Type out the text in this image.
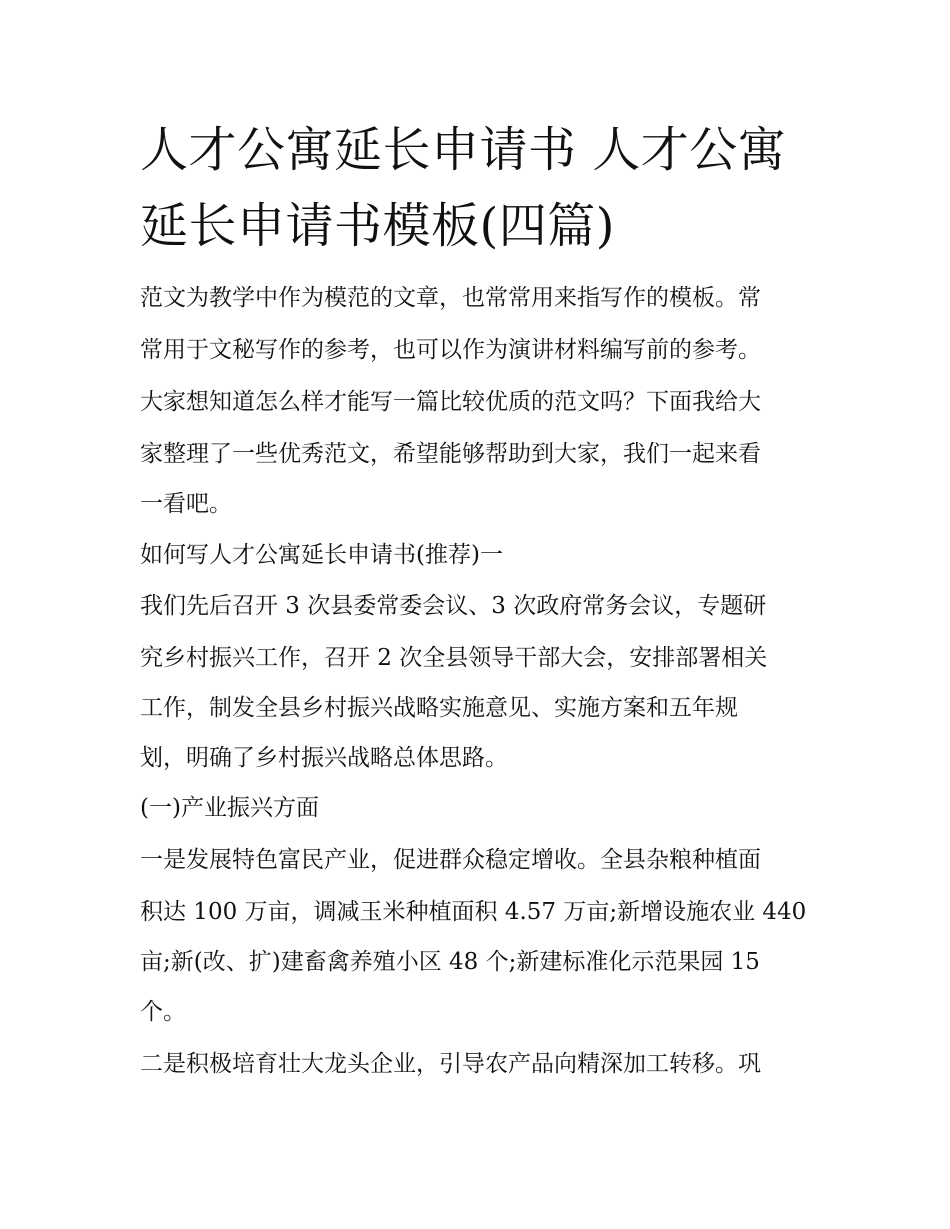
人才公寓延长申请书 人才公寓
延长申请书模板(四篇)
范文为教学中作为模范的文章，也常常用来指写作的模板。常
常用于文秘写作的参考，也可以作为演讲材料编写前的参考。
大家想知道怎么样才能写一篇比较优质的范文吗？下面我给大
家整理了一些优秀范文，希望能够帮助到大家，我们一起来看
一看吧。
如何写人才公寓延长申请书(推荐)一
我们先后召开 3 次县委常委会议、3 次政府常务会议，专题研
究乡村振兴工作，召开 2 次全县领导干部大会，安排部署相关
工作，制发全县乡村振兴战略实施意见、实施方案和五年规
划，明确了乡村振兴战略总体思路。
(一)产业振兴方面
一是发展特色富民产业，促进群众稳定增收。全县杂粮种植面
积达 100 万亩，调减玉米种植面积 4.57 万亩;新增设施农业 440
亩;新(改、扩)建畜禽养殖小区 48 个;新建标准化示范果园 15
个。
二是积极培育壮大龙头企业，引导农产品向精深加工转移。巩
